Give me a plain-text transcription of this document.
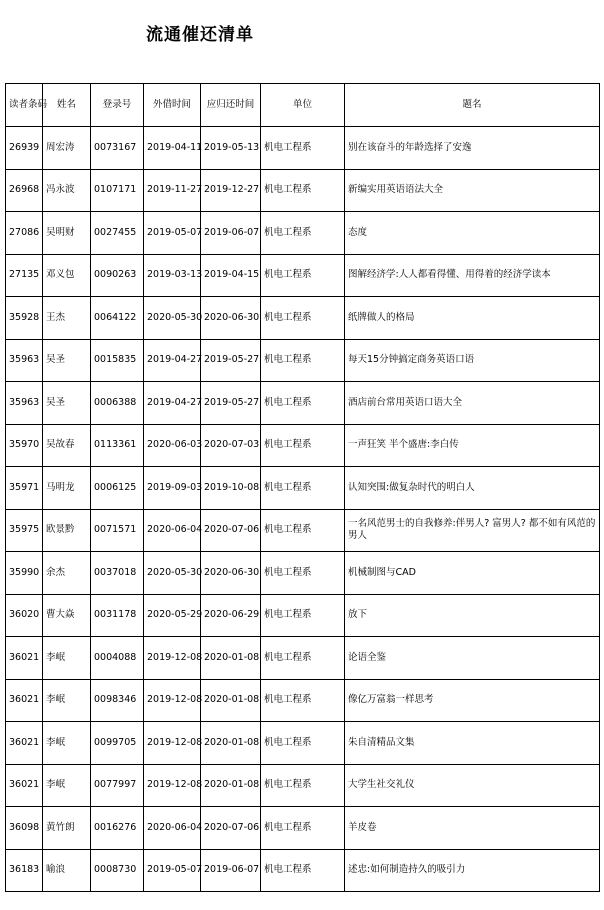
流通催还清单
读者条码	姓名	登录号	外借时间	应归还时间	单位	题名
26939	周宏涛	0073167	2019-04-11	2019-05-13	机电工程系	别在该奋斗的年龄选择了安逸
26968	冯永波	0107171	2019-11-27	2019-12-27	机电工程系	新编实用英语语法大全
27086	吴明财	0027455	2019-05-07	2019-06-07	机电工程系	态度
27135	邓义包	0090263	2019-03-13	2019-04-15	机电工程系	图解经济学:人人都看得懂、用得着的经济学读本
35928	王杰	0064122	2020-05-30	2020-06-30	机电工程系	纸牌做人的格局
35963	吴圣	0015835	2019-04-27	2019-05-27	机电工程系	每天15分钟搞定商务英语口语
35963	吴圣	0006388	2019-04-27	2019-05-27	机电工程系	酒店前台常用英语口语大全
35970	吴故春	0113361	2020-06-03	2020-07-03	机电工程系	一声狂笑 半个盛唐:李白传
35971	马明龙	0006125	2019-09-03	2019-10-08	机电工程系	认知突围:做复杂时代的明白人
35975	欧景黔	0071571	2020-06-04	2020-07-06	机电工程系	一名风范男士的自我修养:伴男人? 富男人? 都不如有风范的男人
35990	余杰	0037018	2020-05-30	2020-06-30	机电工程系	机械制图与CAD
36020	曹大焱	0031178	2020-05-29	2020-06-29	机电工程系	放下
36021	李岷	0004088	2019-12-08	2020-01-08	机电工程系	论语全鉴
36021	李岷	0098346	2019-12-08	2020-01-08	机电工程系	像亿万富翁一样思考
36021	李岷	0099705	2019-12-08	2020-01-08	机电工程系	朱自清精品文集
36021	李岷	0077997	2019-12-08	2020-01-08	机电工程系	大学生社交礼仪
36098	黄竹朗	0016276	2020-06-04	2020-07-06	机电工程系	羊皮卷
36183	喻浪	0008730	2019-05-07	2019-06-07	机电工程系	述忠:如何制造持久的吸引力
